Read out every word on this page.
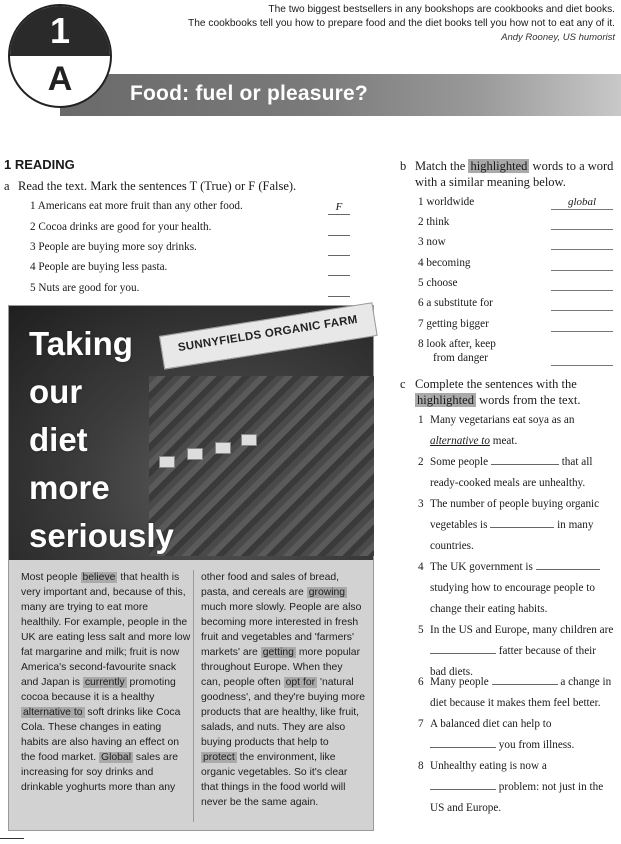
The two biggest bestsellers in any bookshops are cookbooks and diet books.
The cookbooks tell you how to prepare food and the diet books tell you how not to eat any of it.
Andy Rooney, US humorist
Food: fuel or pleasure?
1
A
1 READING
a Read the text. Mark the sentences T (True) or F (False).
SUNNYFIELDS ORGANIC FARM
Taking
our
diet
more
seriously
Most people believe that health is very important and, because of this, many are trying to eat more healthily. For example, people in the UK are eating less salt and more low fat margarine and milk; fruit is now America's second-favourite snack and Japan is currently promoting cocoa because it is a healthy alternative to soft drinks like Coca Cola. These changes in eating habits are also having an effect on the food market. Global sales are increasing for soy drinks and drinkable yoghurts more than any
other food and sales of bread, pasta, and cereals are growing much more slowly. People are also becoming more interested in fresh fruit and vegetables and 'farmers' markets' are getting more popular throughout Europe. When they can, people often opt for 'natural goodness', and they're buying more products that are healthy, like fruit, salads, and nuts. They are also buying products that help to protect the environment, like organic vegetables. So it's clear that things in the food world will never be the same again.
b Match the highlighted words to a word with a similar meaning below.
c Complete the sentences with the highlighted words from the text.
1 Americans eat more fruit than any other food.	F
2 Cocoa drinks are good for your health.
3 People are buying more soy drinks.
4 People are buying less pasta.
5 Nuts are good for you.
1 worldwide	global
2 think
3 now
4 becoming
5 choose
6 a substitute for
7 getting bigger
8 look after, keep
from danger
1 Many vegetarians eat soya as an
alternative to meat.
2 Some people	that all ready-cooked meals are unhealthy.
3 The number of people buying organic vegetables is	in many countries.
4 The UK government is  studying how to encourage people to change their eating habits.
5 In the US and Europe, many children are  fatter because of their bad diets.
6 Many people	a change in diet because it makes them feel better.
7 A balanced diet can help to  you from illness.
8 Unhealthy eating is now a  problem: not just in the US and Europe.
